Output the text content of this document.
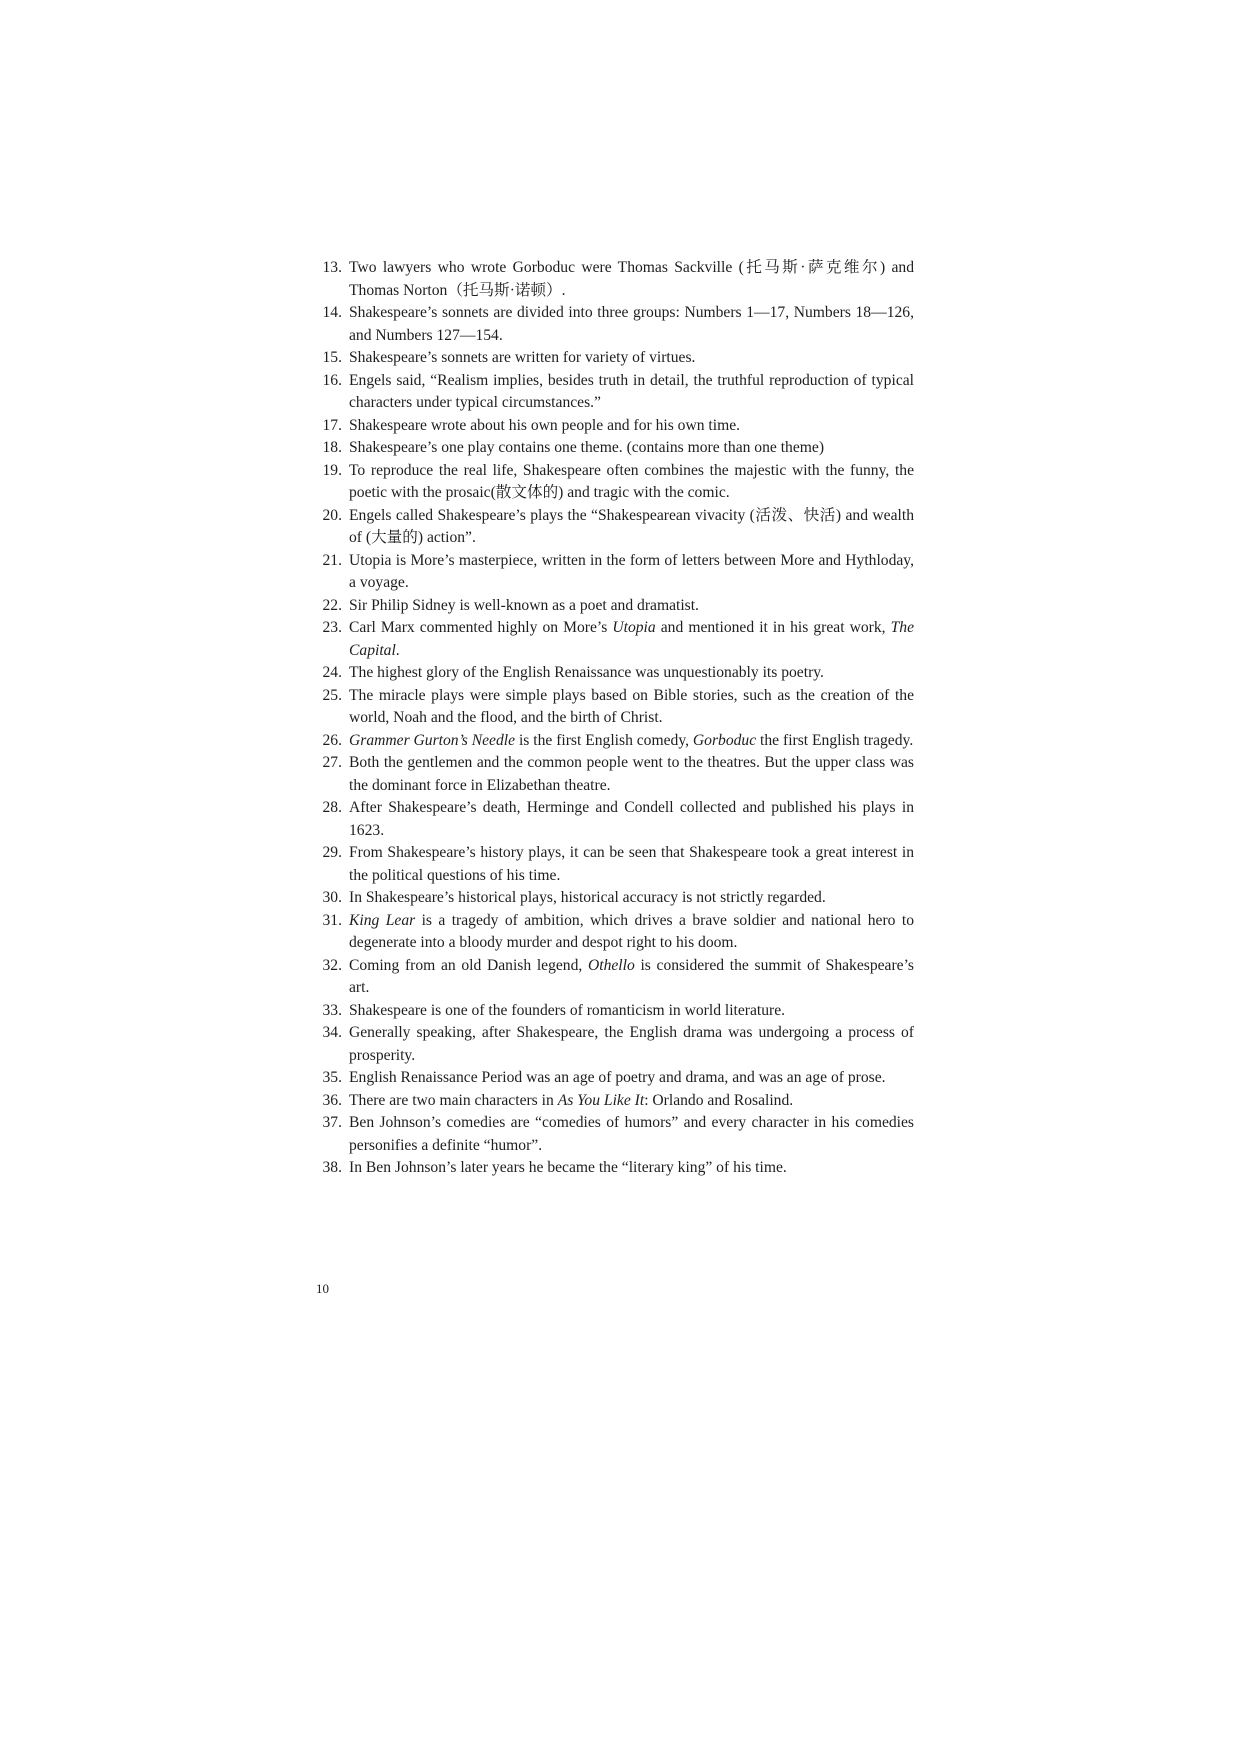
13. Two lawyers who wrote Gorboduc were Thomas Sackville (托马斯·萨克维尔) and Thomas Norton（托马斯·诺顿）.
14. Shakespeare’s sonnets are divided into three groups: Numbers 1—17, Numbers 18—126, and Numbers 127—154.
15. Shakespeare’s sonnets are written for variety of virtues.
16. Engels said, “Realism implies, besides truth in detail, the truthful reproduction of typical characters under typical circumstances.”
17. Shakespeare wrote about his own people and for his own time.
18. Shakespeare’s one play contains one theme. (contains more than one theme)
19. To reproduce the real life, Shakespeare often combines the majestic with the funny, the poetic with the prosaic(散文体的) and tragic with the comic.
20. Engels called Shakespeare’s plays the “Shakespearean vivacity (活泼、快活) and wealth of (大量的) action”.
21. Utopia is More’s masterpiece, written in the form of letters between More and Hythloday, a voyage.
22. Sir Philip Sidney is well-known as a poet and dramatist.
23. Carl Marx commented highly on More’s Utopia and mentioned it in his great work, The Capital.
24. The highest glory of the English Renaissance was unquestionably its poetry.
25. The miracle plays were simple plays based on Bible stories, such as the creation of the world, Noah and the flood, and the birth of Christ.
26. Grammer Gurton’s Needle is the first English comedy, Gorboduc the first English tragedy.
27. Both the gentlemen and the common people went to the theatres. But the upper class was the dominant force in Elizabethan theatre.
28. After Shakespeare’s death, Herminge and Condell collected and published his plays in 1623.
29. From Shakespeare’s history plays, it can be seen that Shakespeare took a great interest in the political questions of his time.
30. In Shakespeare’s historical plays, historical accuracy is not strictly regarded.
31. King Lear is a tragedy of ambition, which drives a brave soldier and national hero to degenerate into a bloody murder and despot right to his doom.
32. Coming from an old Danish legend, Othello is considered the summit of Shakespeare’s art.
33. Shakespeare is one of the founders of romanticism in world literature.
34. Generally speaking, after Shakespeare, the English drama was undergoing a process of prosperity.
35. English Renaissance Period was an age of poetry and drama, and was an age of prose.
36. There are two main characters in As You Like It: Orlando and Rosalind.
37. Ben Johnson’s comedies are “comedies of humors” and every character in his comedies personifies a definite “humor”.
38. In Ben Johnson’s later years he became the “literary king” of his time.
10
